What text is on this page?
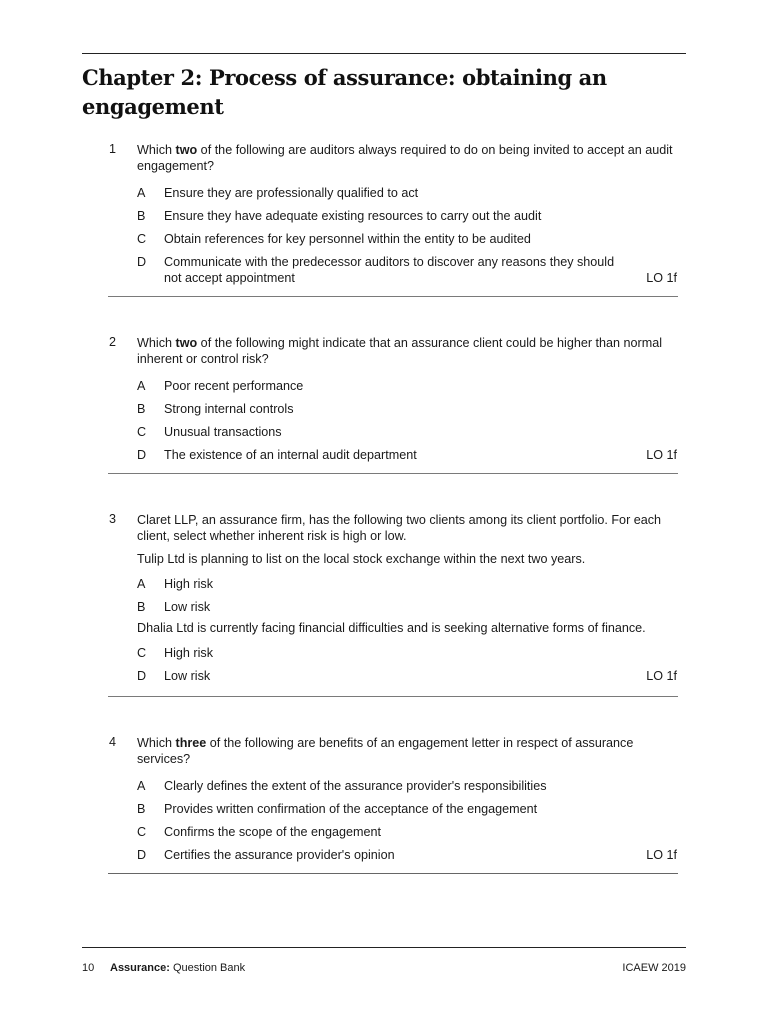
Chapter 2: Process of assurance: obtaining an engagement
1 Which two of the following are auditors always required to do on being invited to accept an audit engagement?
A Ensure they are professionally qualified to act
B Ensure they have adequate existing resources to carry out the audit
C Obtain references for key personnel within the entity to be audited
D Communicate with the predecessor auditors to discover any reasons they should not accept appointment	LO 1f
2 Which two of the following might indicate that an assurance client could be higher than normal inherent or control risk?
A Poor recent performance
B Strong internal controls
C Unusual transactions
D The existence of an internal audit department	LO 1f
3 Claret LLP, an assurance firm, has the following two clients among its client portfolio. For each client, select whether inherent risk is high or low.
Tulip Ltd is planning to list on the local stock exchange within the next two years.
A High risk
B Low risk
Dhalia Ltd is currently facing financial difficulties and is seeking alternative forms of finance.
C High risk
D Low risk	LO 1f
4 Which three of the following are benefits of an engagement letter in respect of assurance services?
A Clearly defines the extent of the assurance provider's responsibilities
B Provides written confirmation of the acceptance of the engagement
C Confirms the scope of the engagement
D Certifies the assurance provider's opinion	LO 1f
10 Assurance: Question Bank	ICAEW 2019
